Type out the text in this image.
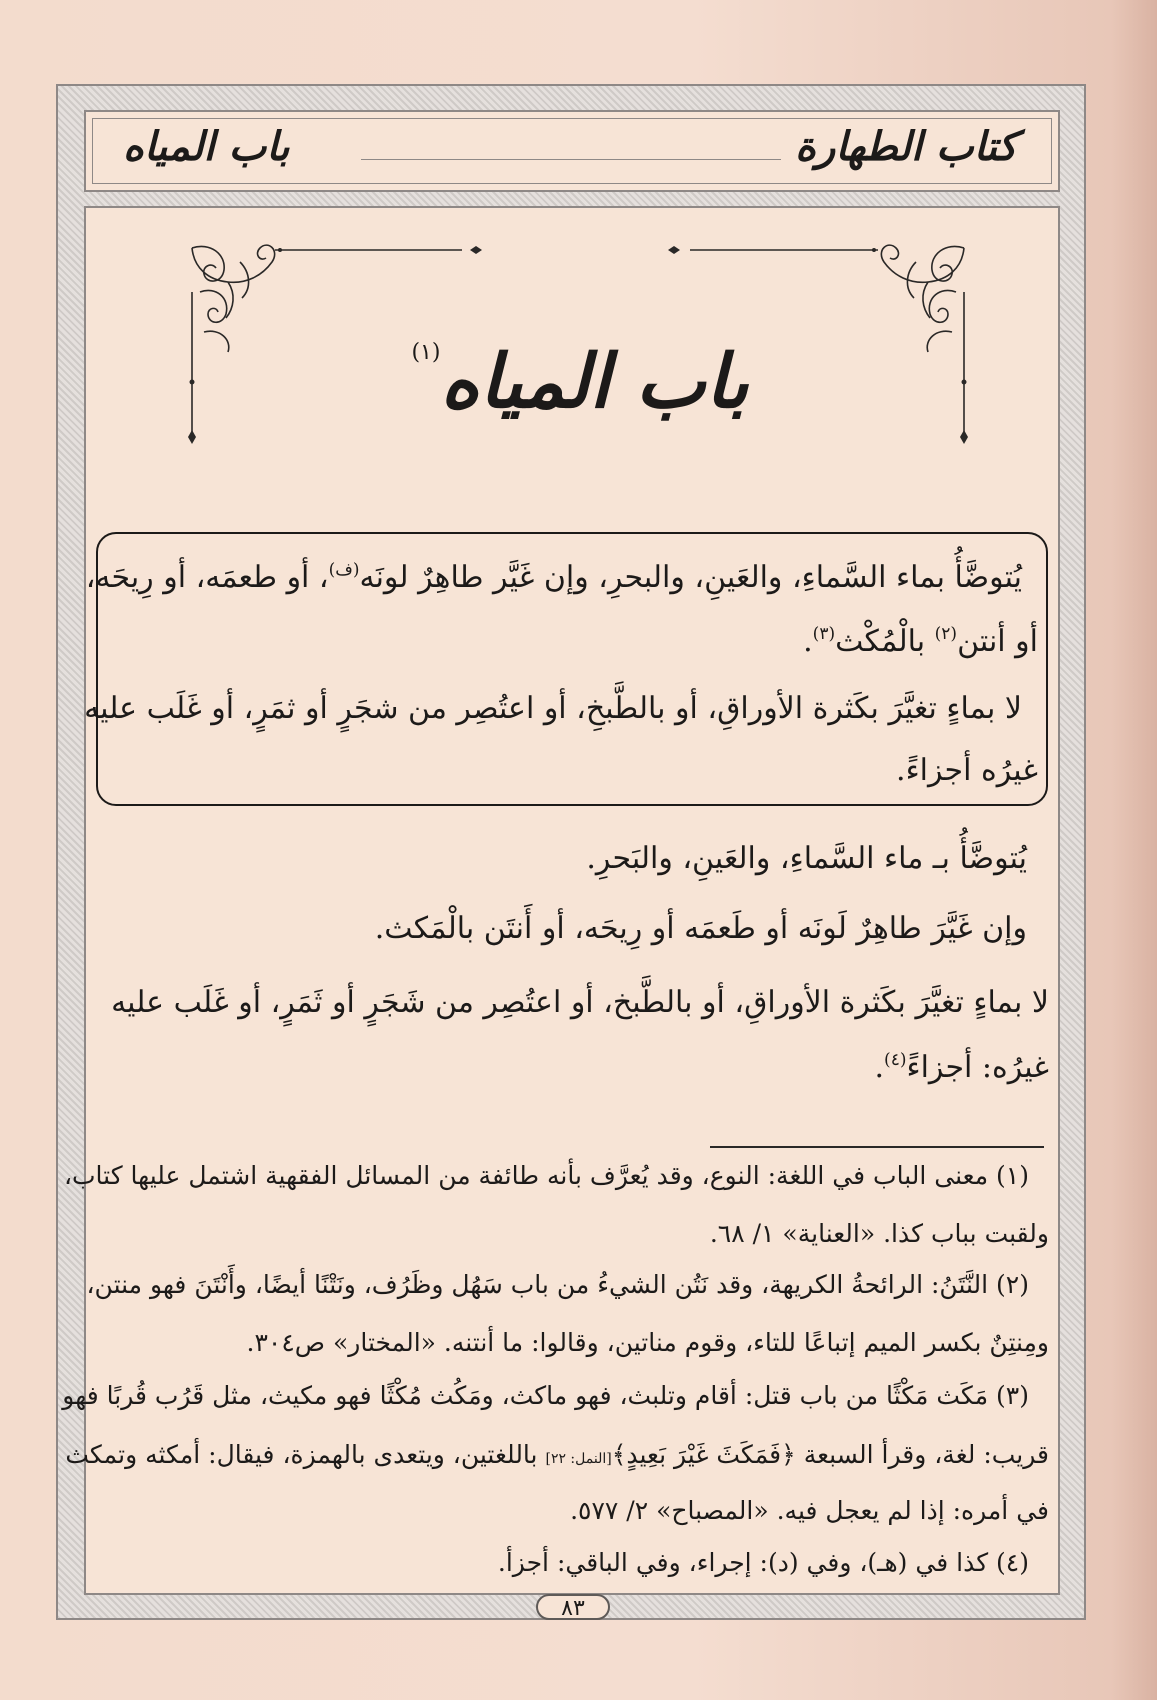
كتاب الطهارة
باب المياه
باب المياه$^{(١)}$
يُتوضَّأُ بماء السَّماءِ، والعَينِ، والبحرِ، وإن غَيَّر طاهِرٌ لونَه$^{(ف)}$، أو طعمَه، أو رِيحَه،
أو أنتن$^{(٢)}$ بالْمُكْث$^{(٣)}$.
لا بماءٍ تغيَّرَ بكَثرة الأوراقِ، أو بالطَّبخِ، أو اعتُصِر من شجَرٍ أو ثمَرٍ، أو غَلَب عليه
غيرُه أجزاءً.
يُتوضَّأُ بـ ماء السَّماءِ، والعَينِ، والبَحرِ.
وإن غَيَّرَ طاهِرٌ لَونَه أو طَعمَه أو رِيحَه، أو أَنتَن بالْمَكث.
لا بماءٍ تغيَّرَ بكَثرة الأوراقِ، أو بالطَّبخ، أو اعتُصِر من شَجَرٍ أو ثَمَرٍ، أو غَلَب عليه
غيرُه: أجزاءً$^{(٤)}$.
(١) معنى الباب في اللغة: النوع، وقد يُعرَّف بأنه طائفة من المسائل الفقهية اشتمل عليها كتاب،
ولقبت بباب كذا. «العناية» ١/ ٦٨.
(٢) النَّتَنُ: الرائحةُ الكريهة، وقد نَتُن الشيءُ من باب سَهُل وظَرُف، ونَتْنًا أيضًا، وأَنْتَنَ فهو منتن،
ومِنتِنٌ بكسر الميم إتباعًا للتاء، وقوم مناتين، وقالوا: ما أنتنه. «المختار» ص٣٠٤.
(٣) مَكَث مَكْثًا من باب قتل: أقام وتلبث، فهو ماكث، ومَكُث مُكْثًا فهو مكيث، مثل قَرُب قُربًا فهو
قريب: لغة، وقرأ السبعة ﴿فَمَكَثَ غَيْرَ بَعِيدٍ﴾[النمل: ٢٢] باللغتين، ويتعدى بالهمزة، فيقال: أمكثه وتمكث
في أمره: إذا لم يعجل فيه. «المصباح» ٢/ ٥٧٧.
(٤) كذا في (هـ)، وفي (د): إجراء، وفي الباقي: أجزأ.
٨٣
